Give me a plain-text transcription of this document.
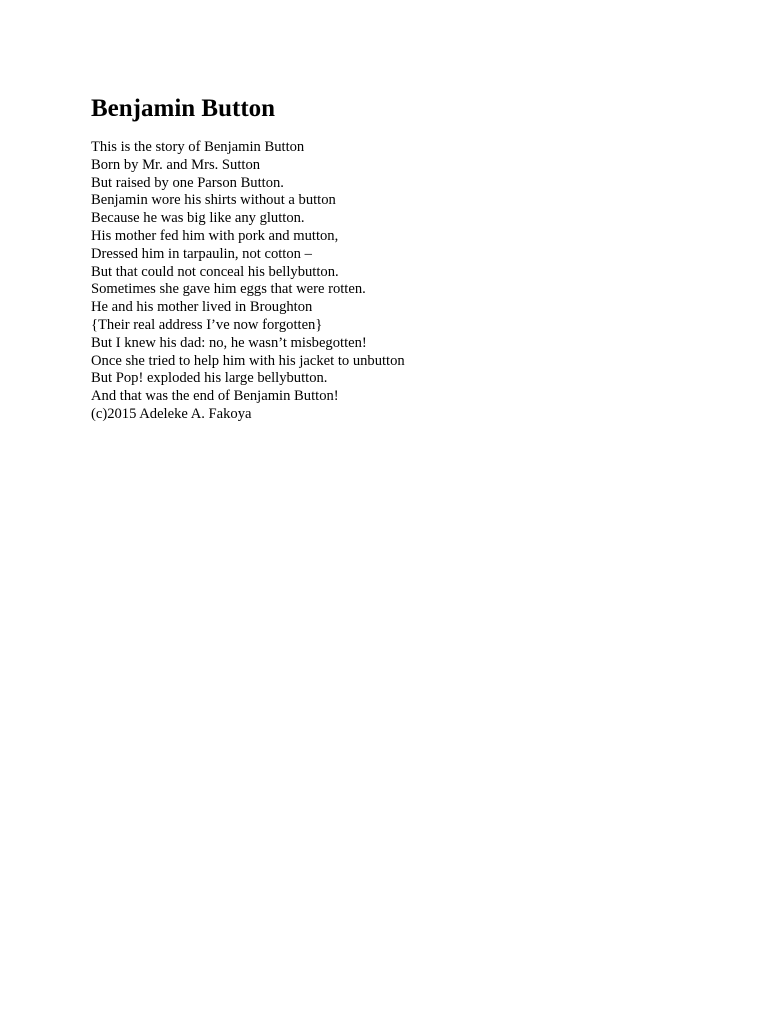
Benjamin Button
This is the story of Benjamin Button
Born by Mr. and Mrs. Sutton
But raised by one Parson Button.
Benjamin wore his shirts without a button
Because he was big like any glutton.
His mother fed him with pork and mutton,
Dressed him in tarpaulin, not cotton –
But that could not conceal his bellybutton.
Sometimes she gave him eggs that were rotten.
He and his mother lived in Broughton
{Their real address I’ve now forgotten}
But I knew his dad: no, he wasn’t misbegotten!
Once she tried to help him with his jacket to unbutton
But Pop! exploded his large bellybutton.
And that was the end of Benjamin Button!
(c)2015 Adeleke A. Fakoya
